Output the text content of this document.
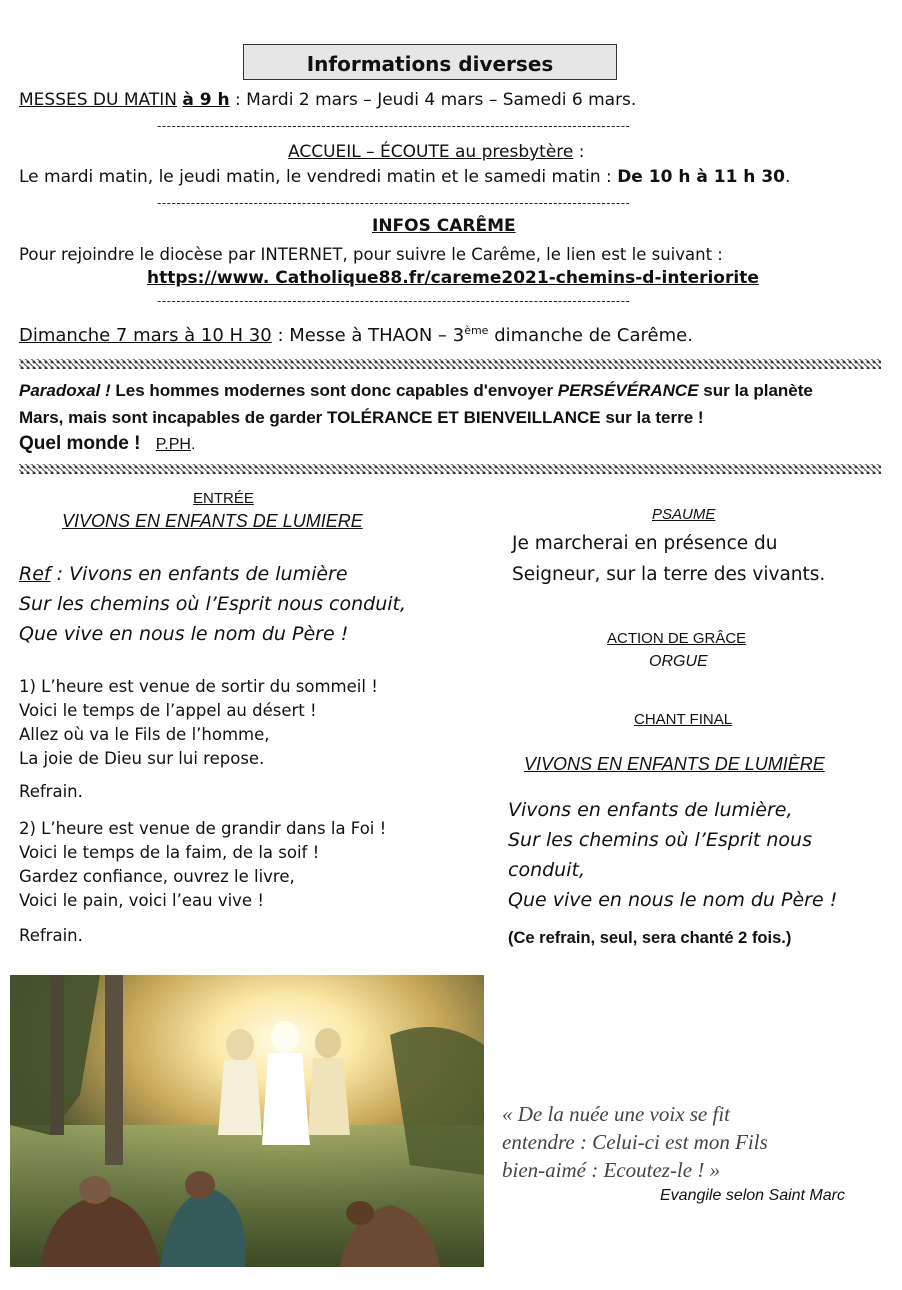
Informations diverses
MESSES DU MATIN à 9 h : Mardi 2 mars – Jeudi 4 mars – Samedi 6 mars.
--------------------------------------------------------------------------------------------------
ACCUEIL – ÉCOUTE au presbytère :
Le mardi matin, le jeudi matin, le vendredi matin et le samedi matin : De 10 h à 11 h 30.
--------------------------------------------------------------------------------------------------
INFOS CARÊME
Pour rejoindre le diocèse par INTERNET, pour suivre le Carême, le lien est le suivant :
https://www. Catholique88.fr/careme2021-chemins-d-interiorite
--------------------------------------------------------------------------------------------------
Dimanche 7 mars à 10 H 30 : Messe à THAON – 3ème dimanche de Carême.
Paradoxal ! Les hommes modernes sont donc capables d'envoyer PERSÉVÉRANCE sur la planète Mars, mais sont incapables de garder TOLÉRANCE ET BIENVEILLANCE sur la terre !
Quel monde ! P.PH.
ENTRÉE
VIVONS EN ENFANTS DE LUMIERE
Ref : Vivons en enfants de lumière
Sur les chemins où l’Esprit nous conduit,
Que vive en nous le nom du Père !
1) L’heure est venue de sortir du sommeil !
Voici le temps de l’appel au désert !
Allez où va le Fils de l’homme,
La joie de Dieu sur lui repose.
Refrain.
2) L’heure est venue de grandir dans la Foi !
Voici le temps de la faim, de la soif !
Gardez confiance, ouvrez le livre,
Voici le pain, voici l’eau vive !
Refrain.
PSAUME
Je marcherai en présence du
Seigneur, sur la terre des vivants.
ACTION DE GRÂCE
ORGUE
CHANT FINAL
VIVONS EN ENFANTS DE LUMIÈRE
Vivons en enfants de lumière,
Sur les chemins où l’Esprit nous
conduit,
Que vive en nous le nom du Père !
(Ce refrain, seul, sera chanté 2 fois.)
« De la nuée une voix se fit
entendre : Celui-ci est mon Fils
bien-aimé : Ecoutez-le ! »
Evangile selon Saint Marc
